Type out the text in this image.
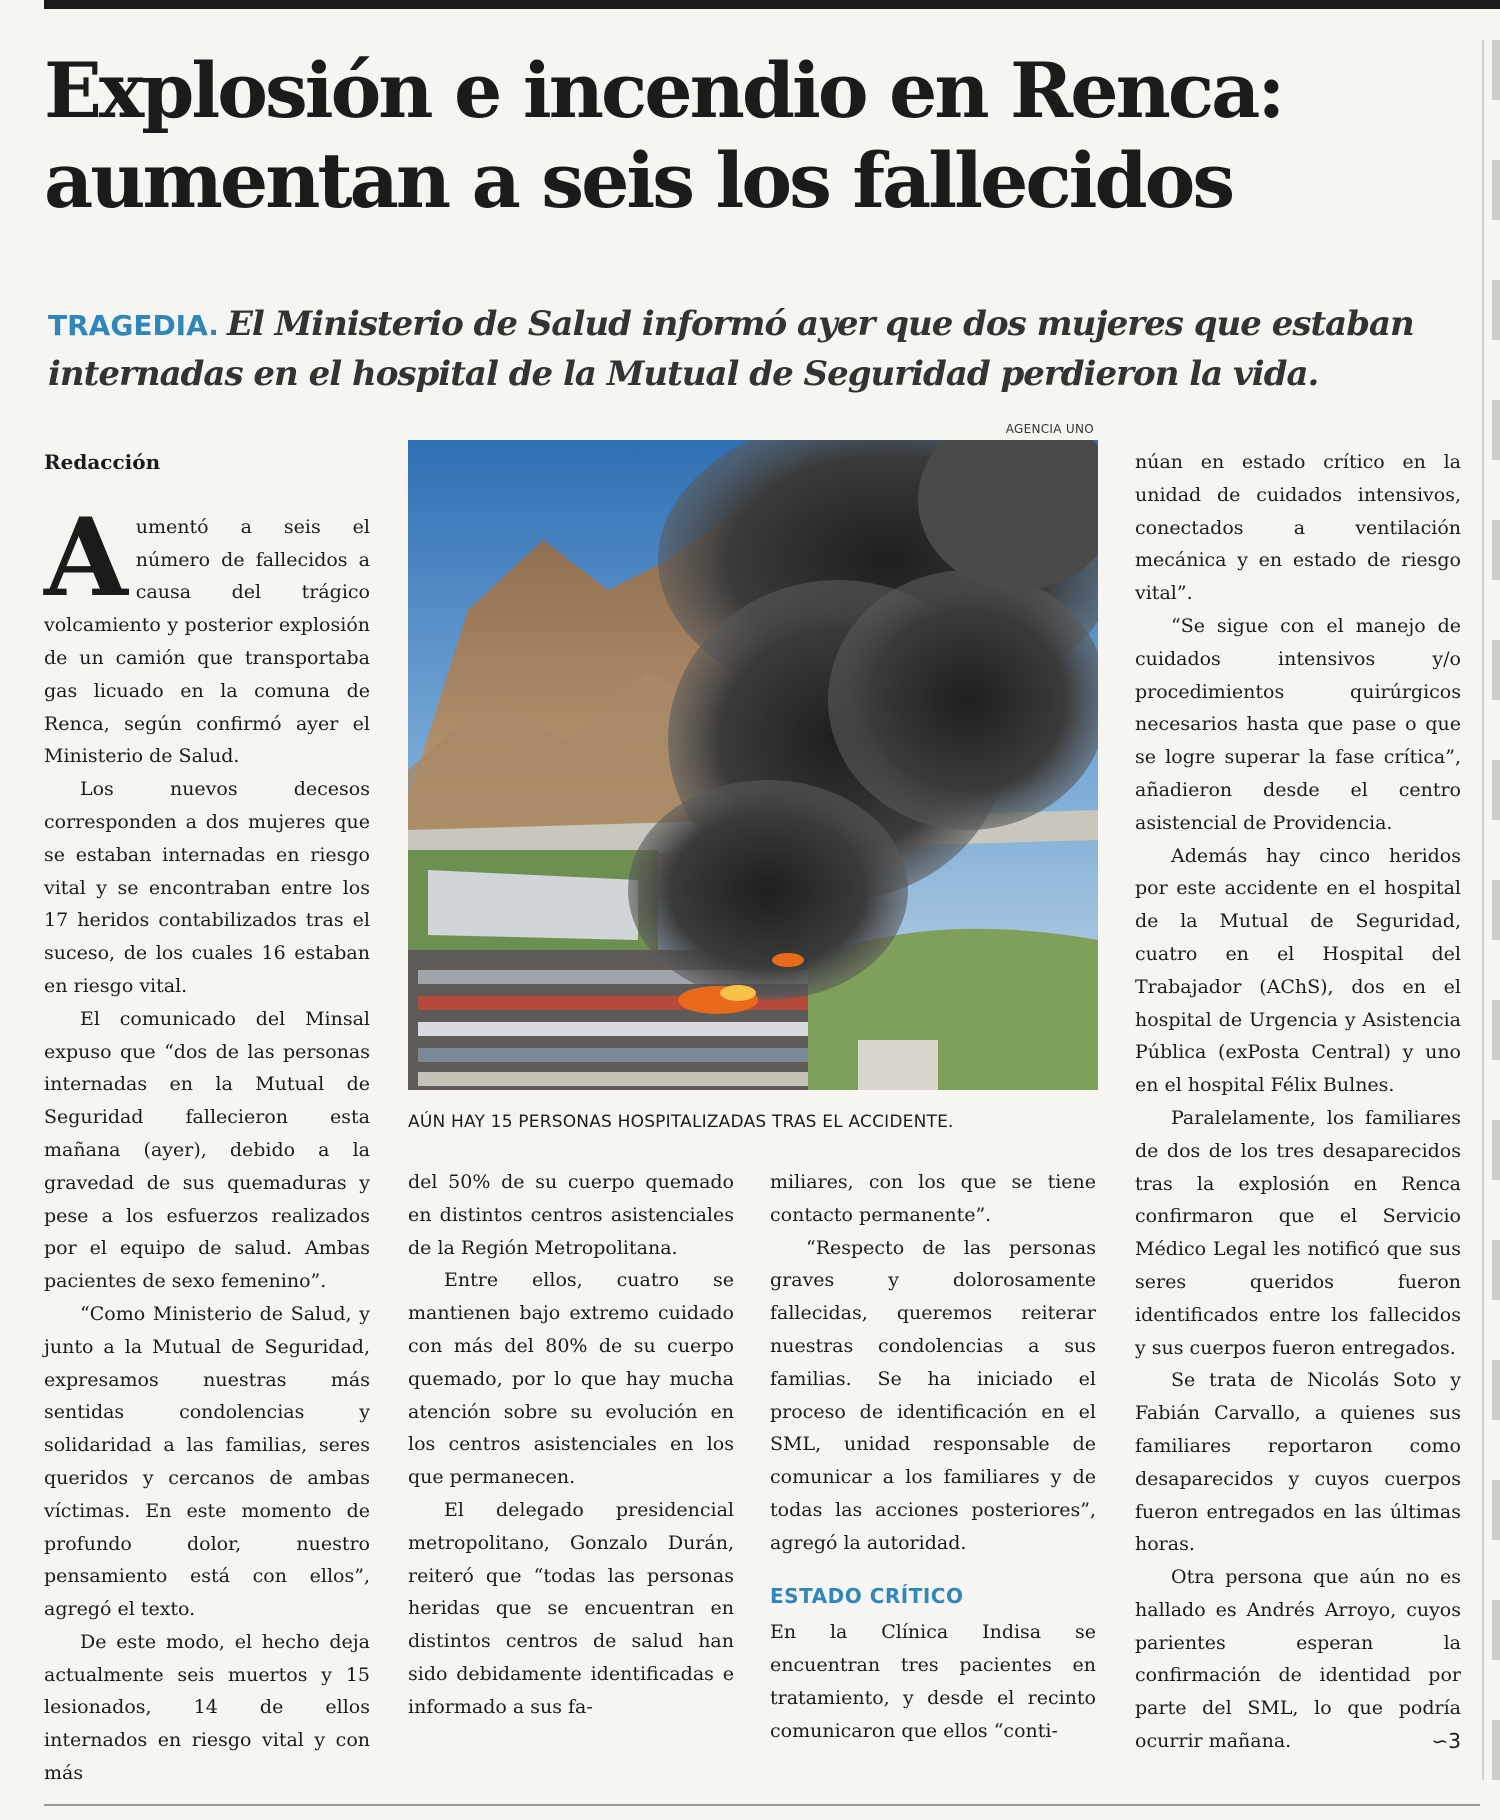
Explosión e incendio en Renca:
aumentan a seis los fallecidos

TRAGEDIA. El Ministerio de Salud informó ayer que dos mujeres que estaban internadas en el hospital de la Mutual de Seguridad perdieron la vida.

Redacción

Aumentó a seis el número de fallecidos a causa del trágico volcamiento y posterior explosión de un camión que transportaba gas licuado en la comuna de Renca, según confirmó ayer el Ministerio de Salud.

Los nuevos decesos corresponden a dos mujeres que se estaban internadas en riesgo vital y se encontraban entre los 17 heridos contabilizados tras el suceso, de los cuales 16 estaban en riesgo vital.

El comunicado del Minsal expuso que “dos de las personas internadas en la Mutual de Seguridad fallecieron esta mañana (ayer), debido a la gravedad de sus quemaduras y pese a los esfuerzos realizados por el equipo de salud. Ambas pacientes de sexo femenino”.

“Como Ministerio de Salud, y junto a la Mutual de Seguridad, expresamos nuestras más sentidas condolencias y solidaridad a las familias, seres queridos y cercanos de ambas víctimas. En este momento de profundo dolor, nuestro pensamiento está con ellos”, agregó el texto.

De este modo, el hecho deja actualmente seis muertos y 15 lesionados, 14 de ellos internados en riesgo vital y con más

AGENCIA UNO
AÚN HAY 15 PERSONAS HOSPITALIZADAS TRAS EL ACCIDENTE.

del 50% de su cuerpo quemado en distintos centros asistenciales de la Región Metropolitana.

Entre ellos, cuatro se mantienen bajo extremo cuidado con más del 80% de su cuerpo quemado, por lo que hay mucha atención sobre su evolución en los centros asistenciales en los que permanecen.

El delegado presidencial metropolitano, Gonzalo Durán, reiteró que “todas las personas heridas que se encuentran en distintos centros de salud han sido debidamente identificadas e informado a sus fa-

miliares, con los que se tiene contacto permanente”.

“Respecto de las personas graves y dolorosamente fallecidas, queremos reiterar nuestras condolencias a sus familias. Se ha iniciado el proceso de identificación en el SML, unidad responsable de comunicar a los familiares y de todas las acciones posteriores”, agregó la autoridad.

ESTADO CRÍTICO

En la Clínica Indisa se encuentran tres pacientes en tratamiento, y desde el recinto comunicaron que ellos “conti-

núan en estado crítico en la unidad de cuidados intensivos, conectados a ventilación mecánica y en estado de riesgo vital”.

“Se sigue con el manejo de cuidados intensivos y/o procedimientos quirúrgicos necesarios hasta que pase o que se logre superar la fase crítica”, añadieron desde el centro asistencial de Providencia.

Además hay cinco heridos por este accidente en el hospital de la Mutual de Seguridad, cuatro en el Hospital del Trabajador (AChS), dos en el hospital de Urgencia y Asistencia Pública (exPosta Central) y uno en el hospital Félix Bulnes.

Paralelamente, los familiares de dos de los tres desaparecidos tras la explosión en Renca confirmaron que el Servicio Médico Legal les notificó que sus seres queridos fueron identificados entre los fallecidos y sus cuerpos fueron entregados.

Se trata de Nicolás Soto y Fabián Carvallo, a quienes sus familiares reportaron como desaparecidos y cuyos cuerpos fueron entregados en las últimas horas.

Otra persona que aún no es hallado es Andrés Arroyo, cuyos parientes esperan la confirmación de identidad por parte del SML, lo que podría ocurrir mañana.	∽3
